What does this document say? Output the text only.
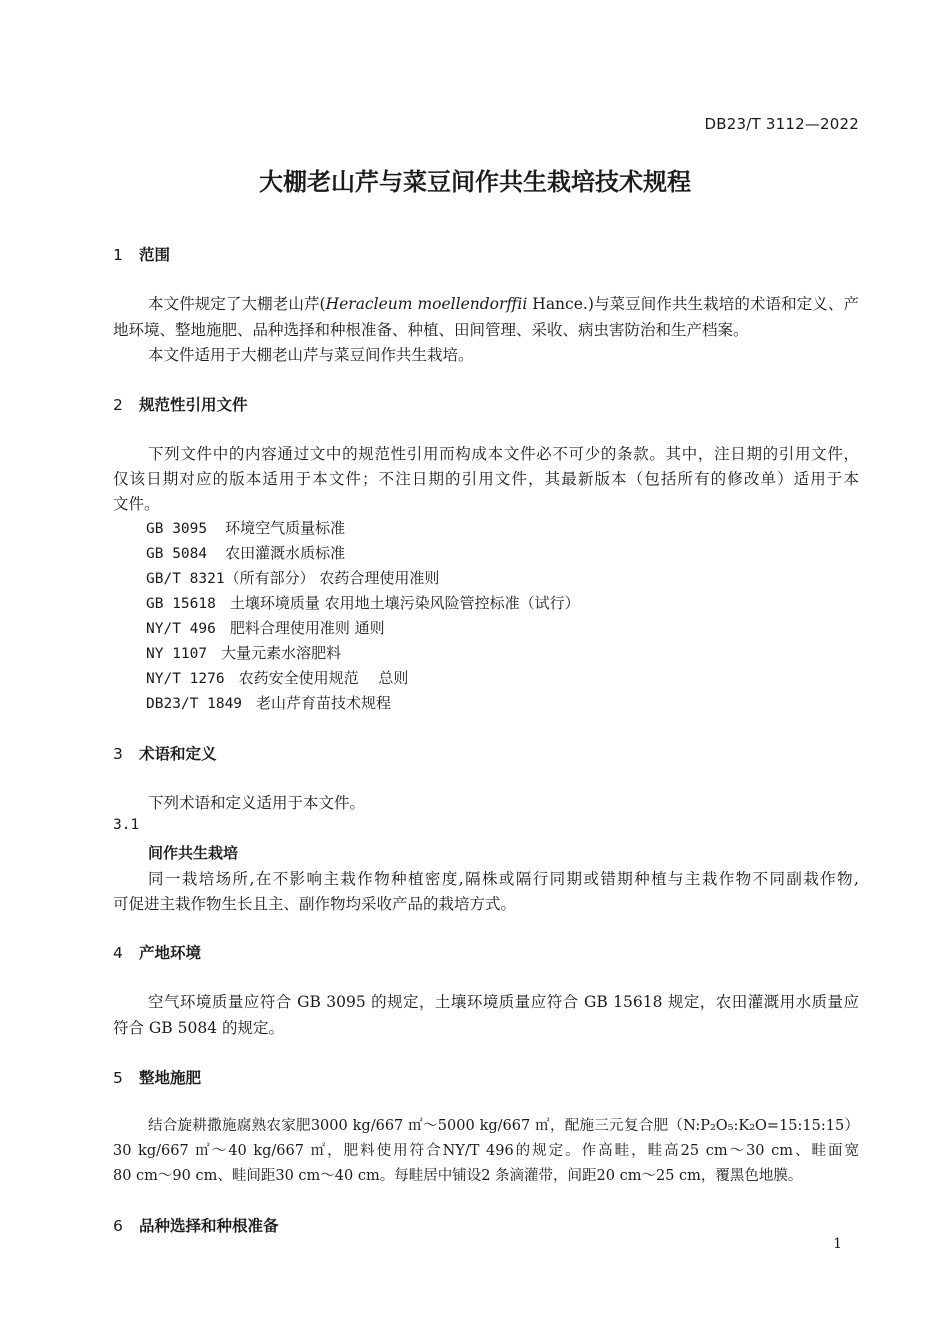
DB23/T 3112—2022
大棚老山芹与菜豆间作共生栽培技术规程
1 范围
本文件规定了大棚老山芹(Heracleum moellendorffii Hance.)与菜豆间作共生栽培的术语和定义、产
地环境、整地施肥、品种选择和种根准备、种植、田间管理、采收、病虫害防治和生产档案。
本文件适用于大棚老山芹与菜豆间作共生栽培。
2 规范性引用文件
下列文件中的内容通过文中的规范性引用而构成本文件必不可少的条款。其中，注日期的引用文件，
仅该日期对应的版本适用于本文件；不注日期的引用文件，其最新版本（包括所有的修改单）适用于本
文件。
GB 3095 环境空气质量标准
GB 5084 农田灌溉水质标准
GB/T 8321（所有部分） 农药合理使用准则
GB 15618 土壤环境质量 农用地土壤污染风险管控标准（试行）
NY/T 496 肥料合理使用准则 通则
NY 1107 大量元素水溶肥料
NY/T 1276 农药安全使用规范　 总则
DB23/T 1849 老山芹育苗技术规程
3 术语和定义
下列术语和定义适用于本文件。
3.1
间作共生栽培
同一栽培场所,在不影响主栽作物种植密度,隔株或隔行同期或错期种植与主栽作物不同副栽作物,
可促进主栽作物生长且主、副作物均采收产品的栽培方式。
4 产地环境
空气环境质量应符合 GB 3095 的规定，土壤环境质量应符合 GB 15618 规定，农田灌溉用水质量应
符合 GB 5084 的规定。
5 整地施肥
结合旋耕撒施腐熟农家肥3000 kg/667 ㎡～5000 kg/667 ㎡，配施三元复合肥（N:P₂O₅:K₂O=15:15:15）
30 kg/667 ㎡～40 kg/667 ㎡，肥料使用符合NY/T 496的规定。作高畦，畦高25 cm～30 cm、畦面宽
80 cm～90 cm、畦间距30 cm～40 cm。每畦居中铺设2 条滴灌带，间距20 cm～25 cm，覆黑色地膜。
6 品种选择和种根准备
1
